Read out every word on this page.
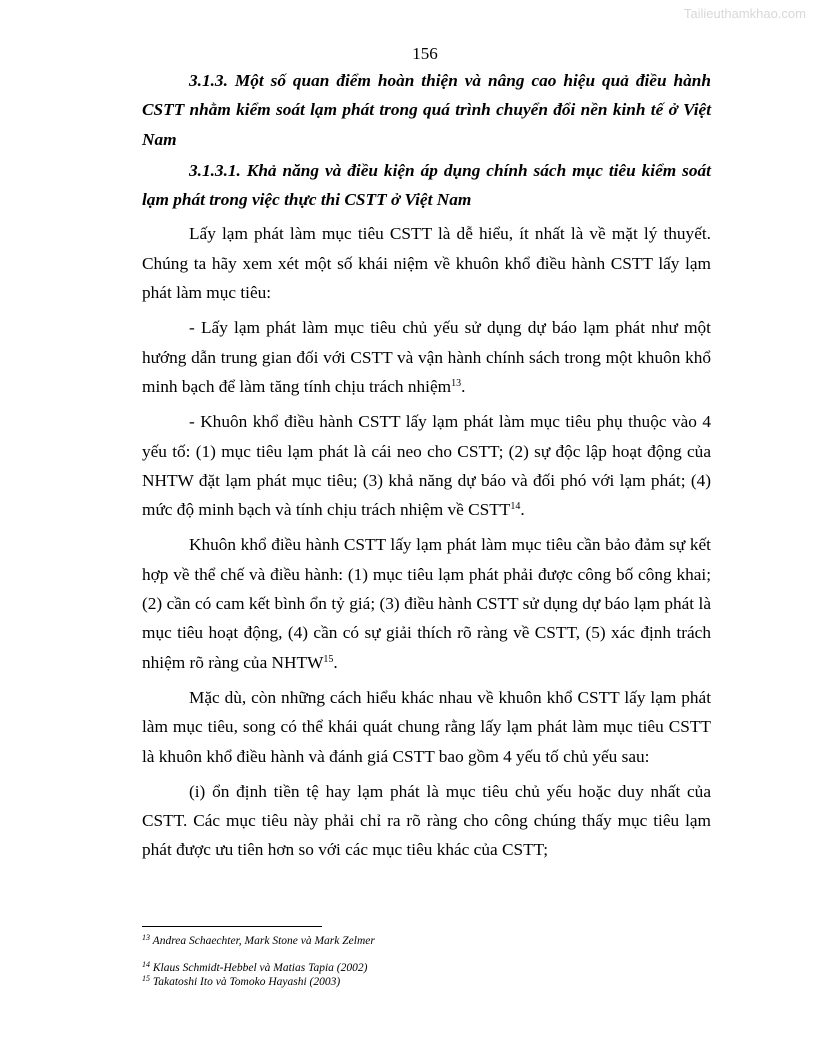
Tailieuthamkhao.com
156

3.1.3. Một số quan điểm hoàn thiện và nâng cao hiệu quả điều hành CSTT nhằm kiểm soát lạm phát trong quá trình chuyển đổi nền kinh tế ở Việt Nam

3.1.3.1. Khả năng và điều kiện áp dụng chính sách mục tiêu kiểm soát lạm phát trong việc thực thi CSTT ở Việt Nam

Lấy lạm phát làm mục tiêu CSTT là dễ hiểu, ít nhất là về mặt lý thuyết. Chúng ta hãy xem xét một số khái niệm về khuôn khổ điều hành CSTT lấy lạm phát làm mục tiêu:

- Lấy lạm phát làm mục tiêu chủ yếu sử dụng dự báo lạm phát như một hướng dẫn trung gian đối với CSTT và vận hành chính sách trong một khuôn khổ minh bạch để làm tăng tính chịu trách nhiệm$^{13}$.

- Khuôn khổ điều hành CSTT lấy lạm phát làm mục tiêu phụ thuộc vào 4 yếu tố: (1) mục tiêu lạm phát là cái neo cho CSTT; (2) sự độc lập hoạt động của NHTW đặt lạm phát mục tiêu; (3) khả năng dự báo và đối phó với lạm phát; (4) mức độ minh bạch và tính chịu trách nhiệm về CSTT$^{14}$.

Khuôn khổ điều hành CSTT lấy lạm phát làm mục tiêu cần bảo đảm sự kết hợp về thể chế và điều hành: (1) mục tiêu lạm phát phải được công bố công khai; (2) cần có cam kết bình ổn tỷ giá; (3) điều hành CSTT sử dụng dự báo lạm phát là mục tiêu hoạt động, (4) cần có sự giải thích rõ ràng về CSTT, (5) xác định trách nhiệm rõ ràng của NHTW$^{15}$.

Mặc dù, còn những cách hiểu khác nhau về khuôn khổ CSTT lấy lạm phát làm mục tiêu, song có thể khái quát chung rằng lấy lạm phát làm mục tiêu CSTT là khuôn khổ điều hành và đánh giá CSTT bao gồm 4 yếu tố chủ yếu sau:

(i) ổn định tiền tệ hay lạm phát là mục tiêu chủ yếu hoặc duy nhất của CSTT. Các mục tiêu này phải chỉ ra rõ ràng cho công chúng thấy mục tiêu lạm phát được ưu tiên hơn so với các mục tiêu khác của CSTT;

$^{13}$ Andrea Schaechter, Mark Stone và Mark Zelmer

$^{14}$ Klaus Schmidt-Hebbel và Matias Tapia (2002)

$^{15}$ Takatoshi Ito và Tomoko Hayashi (2003)
